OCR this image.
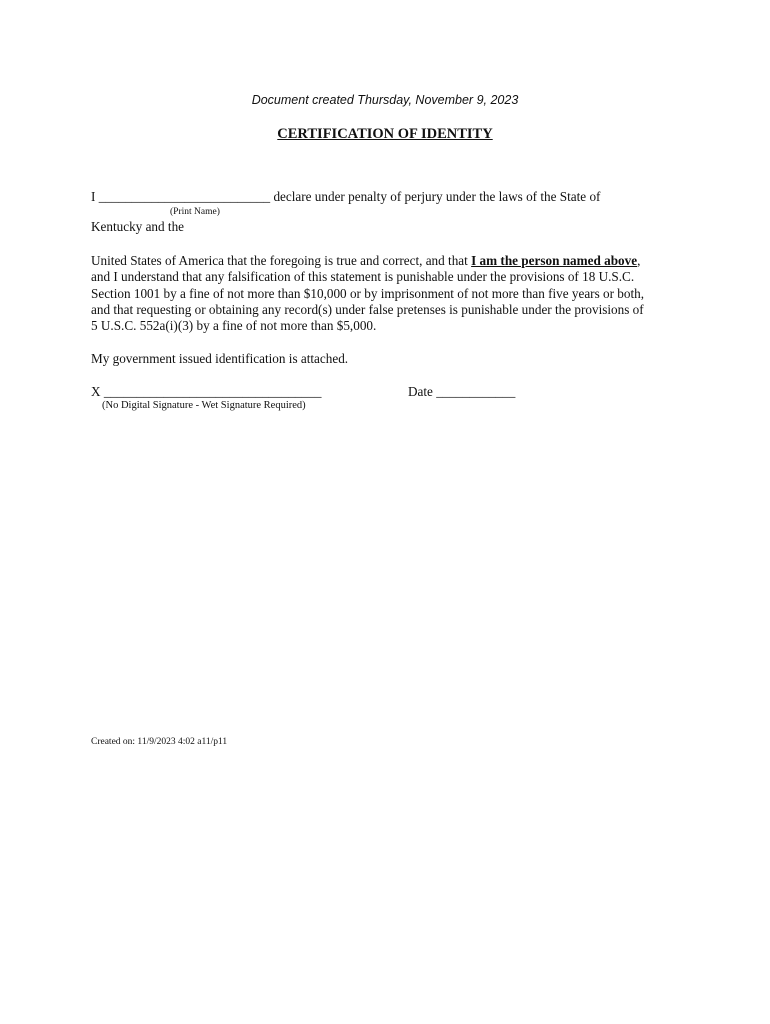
Document created Thursday, November 9, 2023
CERTIFICATION OF IDENTITY
I __________________________ declare under penalty of perjury under the laws of the State of
(Print Name)
Kentucky and the
United States of America that the foregoing is true and correct, and that I am the person named above,
and I understand that any falsification of this statement is punishable under the provisions of 18 U.S.C.
Section 1001 by a fine of not more than $10,000 or by imprisonment of not more than five years or both,
and that requesting or obtaining any record(s) under false pretenses is punishable under the provisions of
5 U.S.C. 552a(i)(3) by a fine of not more than $5,000.
My government issued identification is attached.
X _________________________________	Date ____________
(No Digital Signature - Wet Signature Required)
Created on: 11/9/2023 4:02 a11/p11
